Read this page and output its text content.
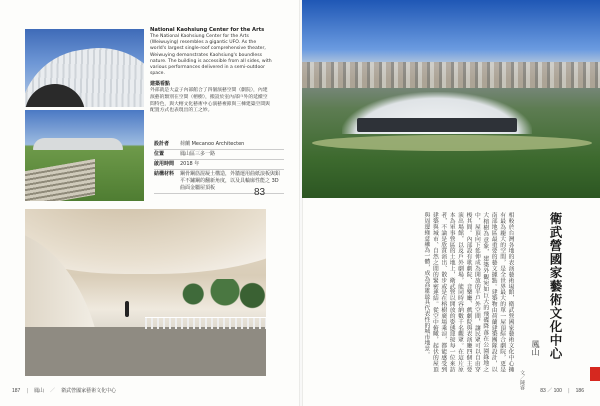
National Kaohsiung Center for the Arts
The National Kaohsiung Center for the Arts (Weiwuying) resembles a gigantic UFO. As the world's largest single-roof comprehensive theater, Weiwuying demonstrates Kaohsiung's boundless nature. The building is accessible from all sides, with various performances delivered in a semi-outdoor space.
建築看點
外部就是大盒子內部館合了四個演藝空間（劇院），內建演藝的類別在空間（榕樹），搬設於室內部戶外的延續空間特色，與大榕文化藝術中心演藝複節與三棟建築空間與配置方式也表現出的工之妙。
設計者	荷蘭 Mecanoo Architecten
位置	鳳山區三多一路
啟用時間	2018 年
結構材料	鋼骨鋼筋混凝土構造，外牆運用曲紙浪板與鋁平不鏽鋼的翻新角度，以及具輪廓性能之 3D 曲面金屬屋頂板	83
衛武營國家藝術文化中心
鳳山
文／陳睿
相較於台灣各地的表演藝術場館，衛武營國家藝術文化中心擁有最為龐大的空間，是全世界最大的單一屋頂綜合劇院，更是南部地區最重要的藝文據點。建築物由荷蘭建築團隊設計，以大榕樹為意象，建築外觀宛如巨大的飛碟降落在公園綠地之中，屋頂向下延伸成為開放的半戶外空間，讓民眾可以自由穿梭其間。內部設有歌劇院、音樂廳、戲劇院與表演廳四個主要演出場館，以及戶外劇場，能同時容納數千名觀眾。在這片原本為軍事營區的土地上，衛武營以開放的姿態迎接每一位來訪者，不論是欣賞演出、散步或是在榕樹廣場乘涼，都能感受到建築與城市、自然之間的緊密連結。從空中俯瞰，起伏的屋頂與周邊綠意融為一體，成為高雄最具代表性的城市地景。
187 | 鳳山 ／ 衛武營國家藝術文化中心	83 ／ 100 | 186
